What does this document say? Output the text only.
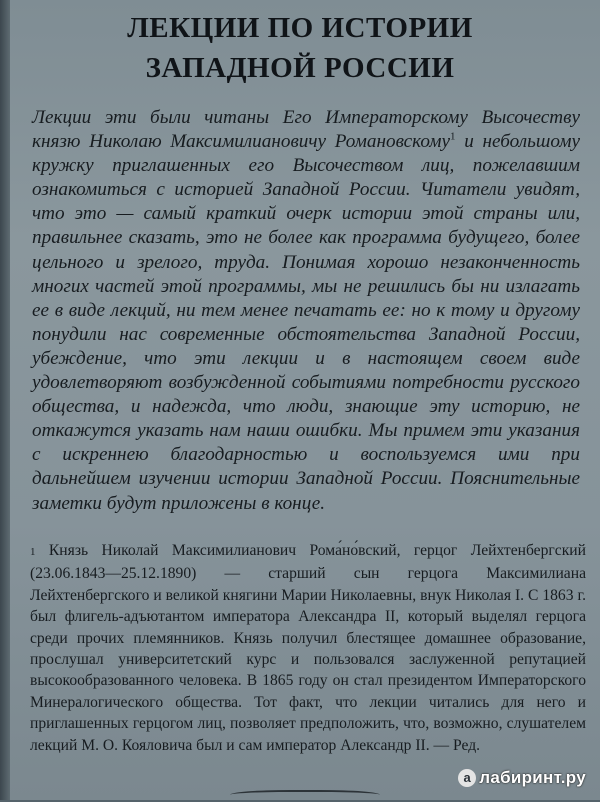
ЛЕКЦИИ ПО ИСТОРИИ
ЗАПАДНОЙ РОССИИ
Лекции эти были читаны Его Императорскому Высочеству князю Николаю Максимилиановичу Романовскому$^1$ и небольшому кружку приглашенных его Высочеством лиц, пожелавшим ознакомиться с историей Западной России. Читатели увидят, что это — самый краткий очерк истории этой страны или, правильнее сказать, это не более как программа будущего, более цельного и зрелого, труда. Понимая хорошо незаконченность многих частей этой программы, мы не решились бы ни излагать ее в виде лекций, ни тем менее печатать ее: но к тому и другому понудили нас современные обстоятельства Западной России, убеждение, что эти лекции и в настоящем своем виде удовлетворяют возбужденной событиями потребности русского общества, и надежда, что люди, знающие эту историю, не откажутся указать нам наши ошибки. Мы примем эти указания с искреннею благодарностью и воспользуемся ими при дальнейшем изучении истории Западной России. Пояснительные заметки будут приложены в конце.
1 Князь Николай Максимилианович Рома́но́вский, герцог Лейхтенбергский (23.06.1843—25.12.1890) — старший сын герцога Максимилиана Лейхтенбергского и великой княгини Марии Николаевны, внук Николая I. С 1863 г. был флигель-адъютантом императора Александра II, который выделял герцога среди прочих племянников. Князь получил блестящее домашнее образование, прослушал университетский курс и пользовался заслуженной репутацией высокообразованного человека. В 1865 году он стал президентом Императорского Минералогического общества. Тот факт, что лекции читались для него и приглашенных герцогом лиц, позволяет предположить, что, возможно, слушателем лекций М. О. Кояловича был и сам император Александр II. — Ред.
а лабиринт.ру
